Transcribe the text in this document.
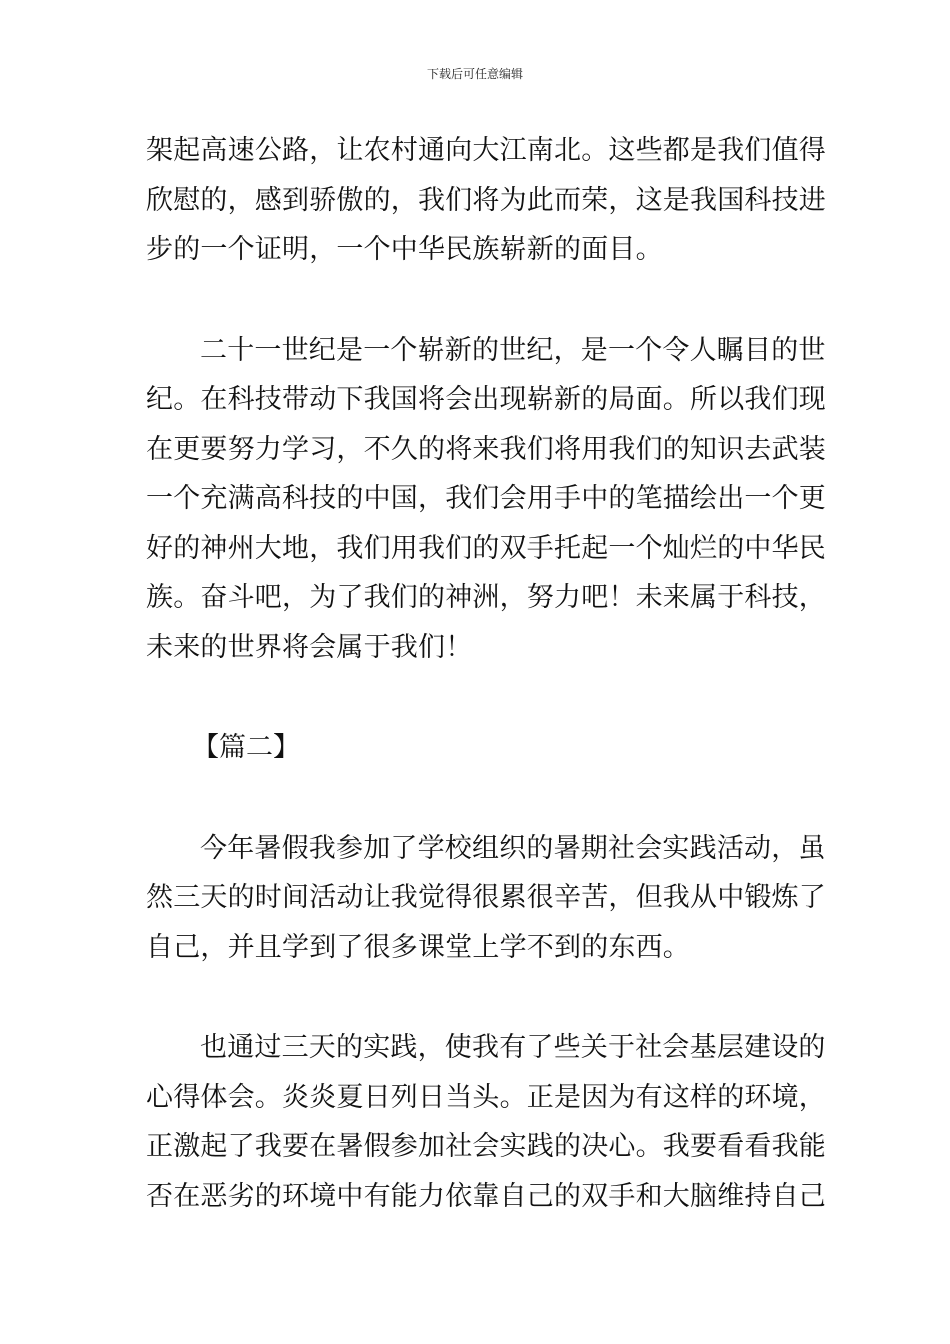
下载后可任意编辑
架起高速公路，让农村通向大江南北。这些都是我们值得
欣慰的，感到骄傲的，我们将为此而荣，这是我国科技进
步的一个证明，一个中华民族崭新的面目。
二十一世纪是一个崭新的世纪，是一个令人瞩目的世
纪。在科技带动下我国将会出现崭新的局面。所以我们现
在更要努力学习，不久的将来我们将用我们的知识去武装
一个充满高科技的中国，我们会用手中的笔描绘出一个更
好的神州大地，我们用我们的双手托起一个灿烂的中华民
族。奋斗吧，为了我们的神洲，努力吧！未来属于科技，
未来的世界将会属于我们！
【篇二】
今年暑假我参加了学校组织的暑期社会实践活动，虽
然三天的时间活动让我觉得很累很辛苦，但我从中锻炼了
自己，并且学到了很多课堂上学不到的东西。
也通过三天的实践，使我有了些关于社会基层建设的
心得体会。炎炎夏日列日当头。正是因为有这样的环境，
正激起了我要在暑假参加社会实践的决心。我要看看我能
否在恶劣的环境中有能力依靠自己的双手和大脑维持自己
